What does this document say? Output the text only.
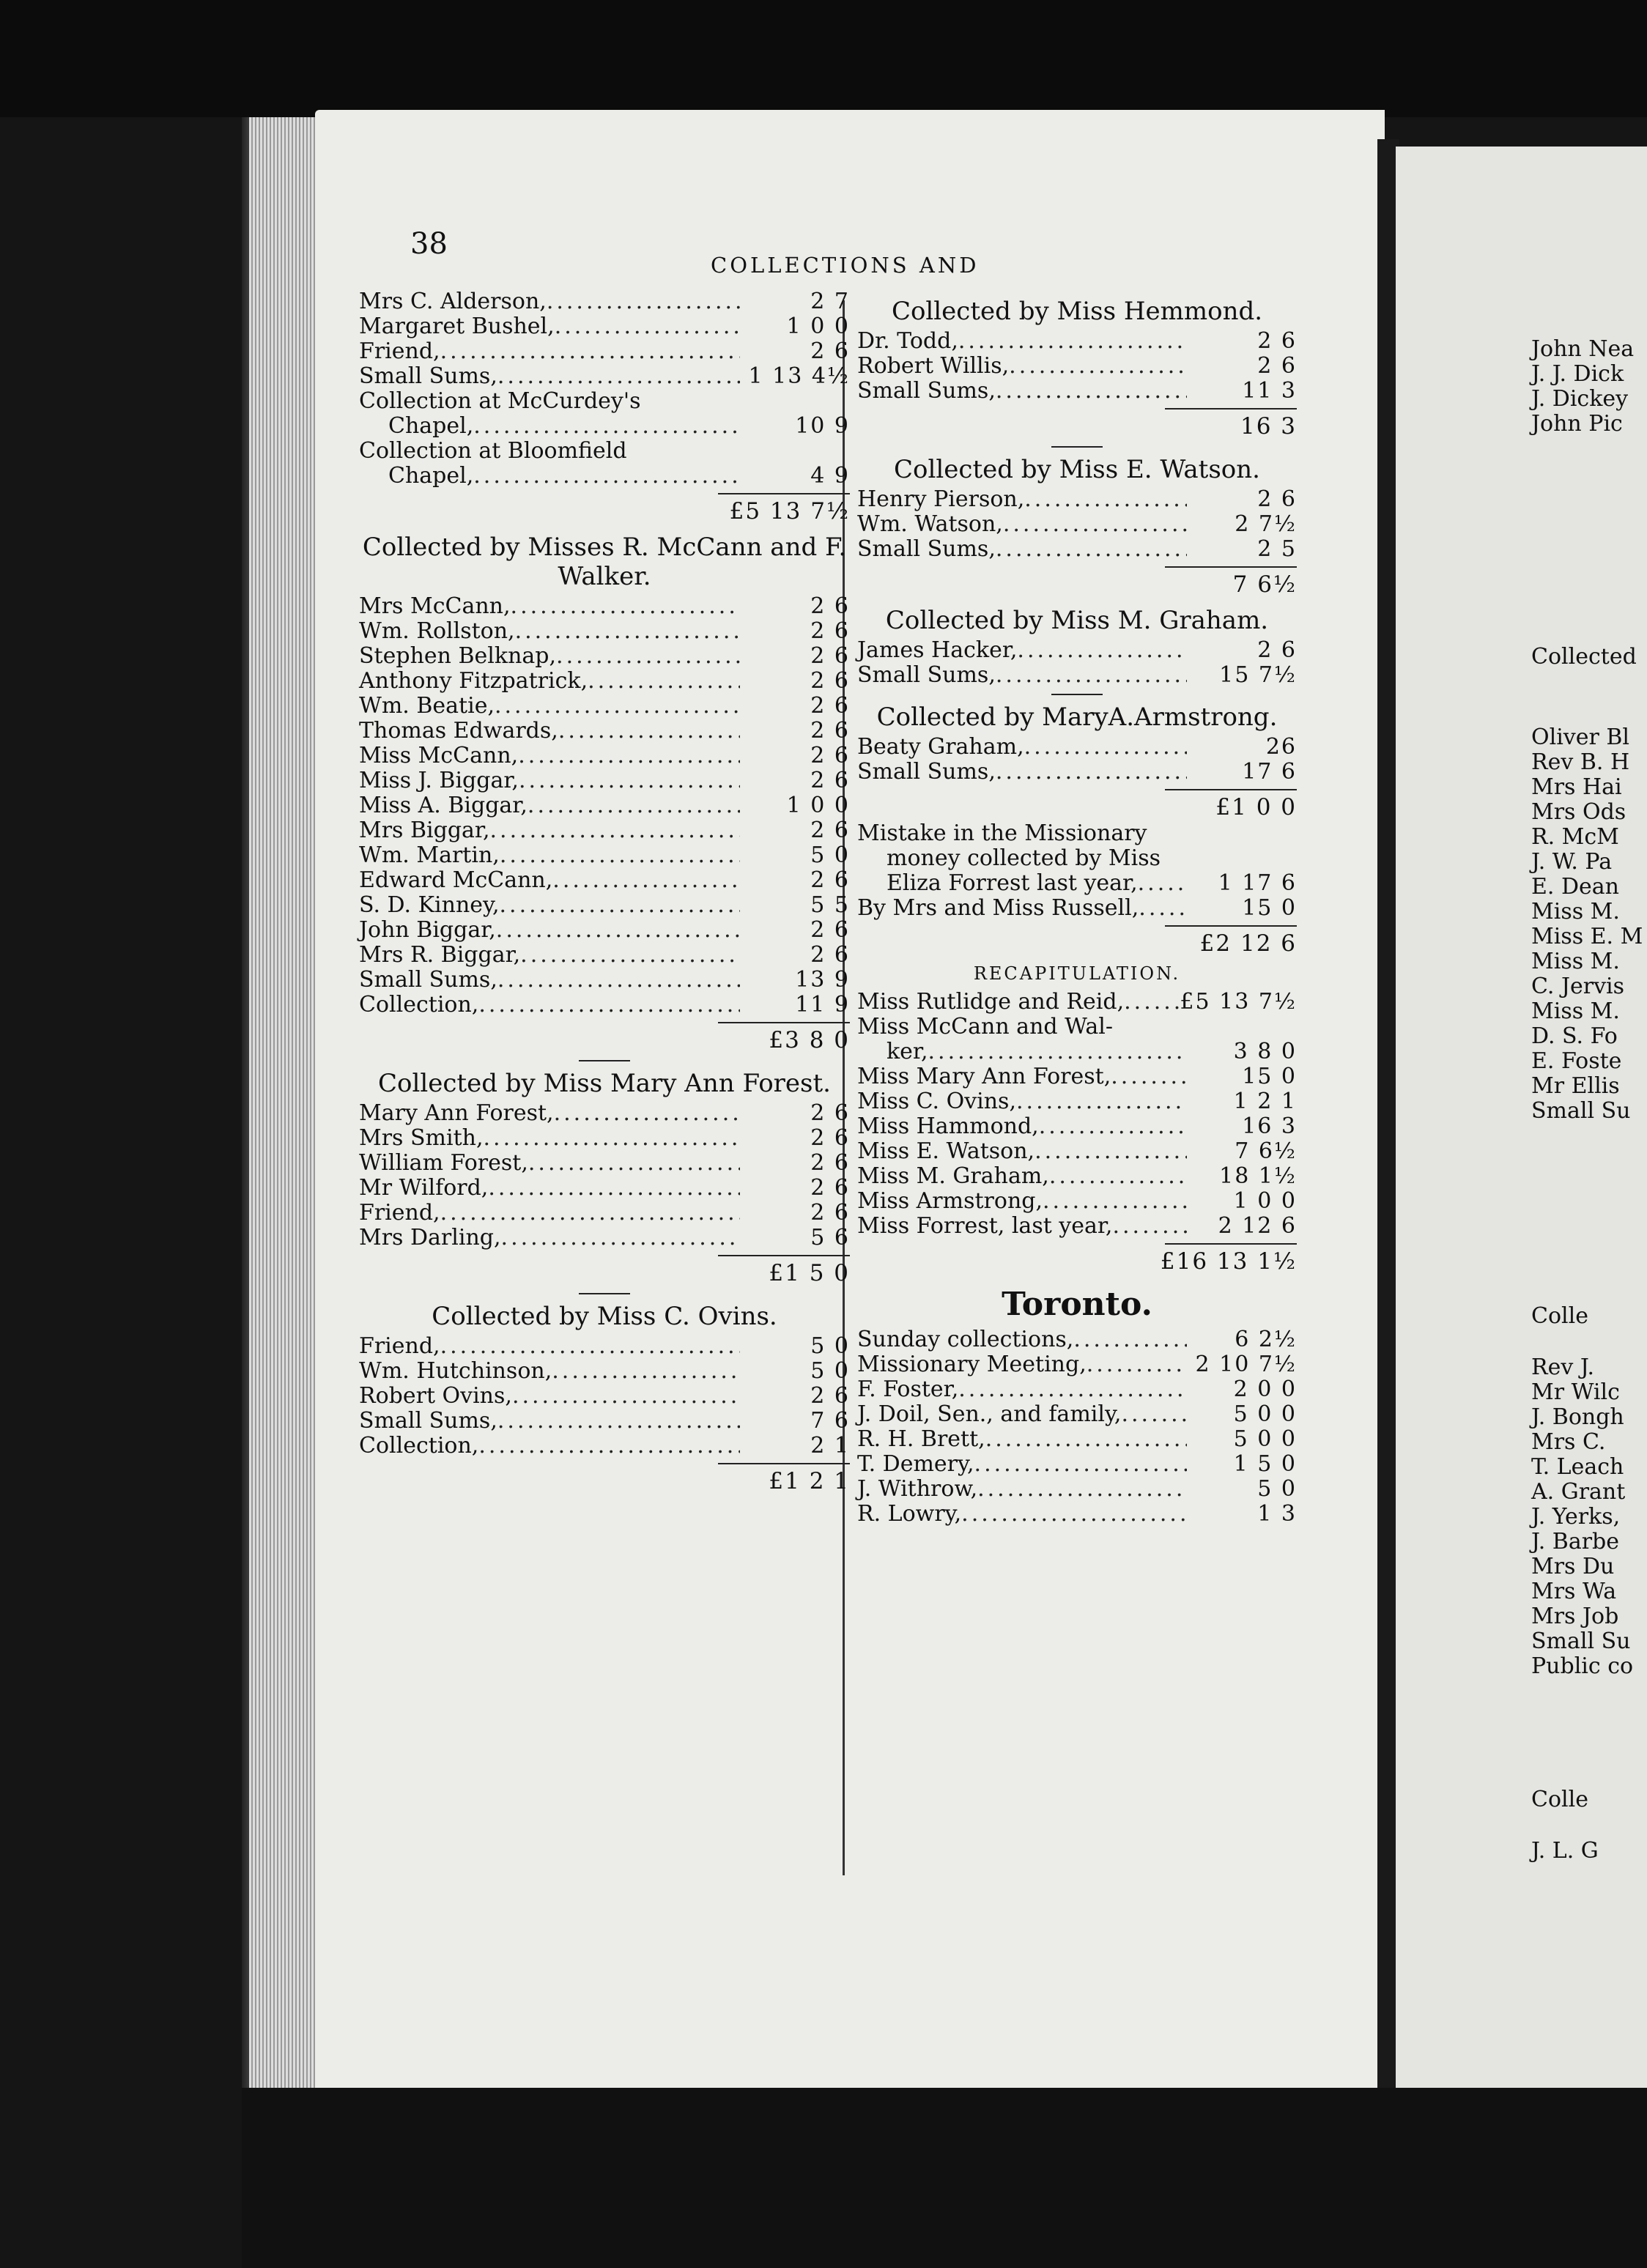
38
COLLECTIONS AND
Mrs C. Alderson, .....	2 7
Margaret Bushel, .....	1 0 0
Friend, .....	2 6
Small Sums, .....	1 13 4½
Collection at McCurdey's
Chapel, .....	10 9
Collection at Bloomfield
Chapel, .....	4 9
£5 13 7½
Collected by Misses R. McCann and F. Walker.
Mrs McCann, .....	2 6
Wm. Rollston, .....	2 6
Stephen Belknap, .....	2 6
Anthony Fitzpatrick, .....	2 6
Wm. Beatie, .....	2 6
Thomas Edwards, .....	2 6
Miss McCann, .....	2 6
Miss J. Biggar, .....	2 6
Miss A. Biggar, .....	1 0 0
Mrs Biggar, .....	2 6
Wm. Martin, .....	5 0
Edward McCann, .....	2 6
S. D. Kinney, .....	5 5
John Biggar, .....	2 6
Mrs R. Biggar, .....	2 6
Small Sums, .....	13 9
Collection, .....	11 9
£3 8 0
Collected by Miss Mary Ann Forest.
Mary Ann Forest, .....	2 6
Mrs Smith, .....	2 6
William Forest, .....	2 6
Mr Wilford, .....	2 6
Friend, .....	2 6
Mrs Darling, .....	5 6
£1 5 0
Collected by Miss C. Ovins.
Friend, .....	5 0
Wm. Hutchinson, .....	5 0
Robert Ovins, .....	2 6
Small Sums, .....	7 6
Collection, .....	2 1
£1 2 1
Collected by Miss Hemmond.
Dr. Todd, .....	2 6
Robert Willis, .....	2 6
Small Sums, .....	11 3
16 3
Collected by Miss E. Watson.
Henry Pierson, .....	2 6
Wm. Watson, .....	2 7½
Small Sums, .....	2 5
7 6½
Collected by Miss M. Graham.
James Hacker, .....	2 6
Small Sums, .....	15 7½
Collected by MaryA.Armstrong.
Beaty Graham, .....	26
Small Sums, .....	17 6
£1 0 0
Mistake in the Missionary
money collected by Miss
Eliza Forrest last year, .....	1 17 6
By Mrs and Miss Russell, .....	15 0
£2 12 6
RECAPITULATION.
Miss Rutlidge and Reid, .....	£5 13 7½
Miss McCann and Wal-
ker, .....	3 8 0
Miss Mary Ann Forest, .....	15 0
Miss C. Ovins, .....	1 2 1
Miss Hammond, .....	16 3
Miss E. Watson, .....	7 6½
Miss M. Graham, .....	18 1½
Miss Armstrong, .....	1 0 0
Miss Forrest, last year, .....	2 12 6
£16 13 1½
Toronto.
Sunday collections, .....	6 2½
Missionary Meeting, .....	2 10 7½
F. Foster, .....	2 0 0
J. Doil, Sen., and family, .....	5 0 0
R. H. Brett, .....	5 0 0
T. Demery, .....	1 5 0
J. Withrow, .....	5 0
R. Lowry, .....	1 3
John Nea
J. J. Dick
J. Dickey
John Pic
Collected
Oliver Bl
Rev B. H
Mrs Hai
Mrs Ods
R. McM
J. W. Pa
E. Dean
Miss M.
Miss E. M
Miss M.
C. Jervis
Miss M.
D. S. Fo
E. Foste
Mr Ellis
Small Su
Colle
Rev J.
Mr Wilc
J. Bongh
Mrs C.
T. Leach
A. Grant
J. Yerks,
J. Barbe
Mrs Du
Mrs Wa
Mrs Job
Small Su
Public co
Colle
J. L. G
